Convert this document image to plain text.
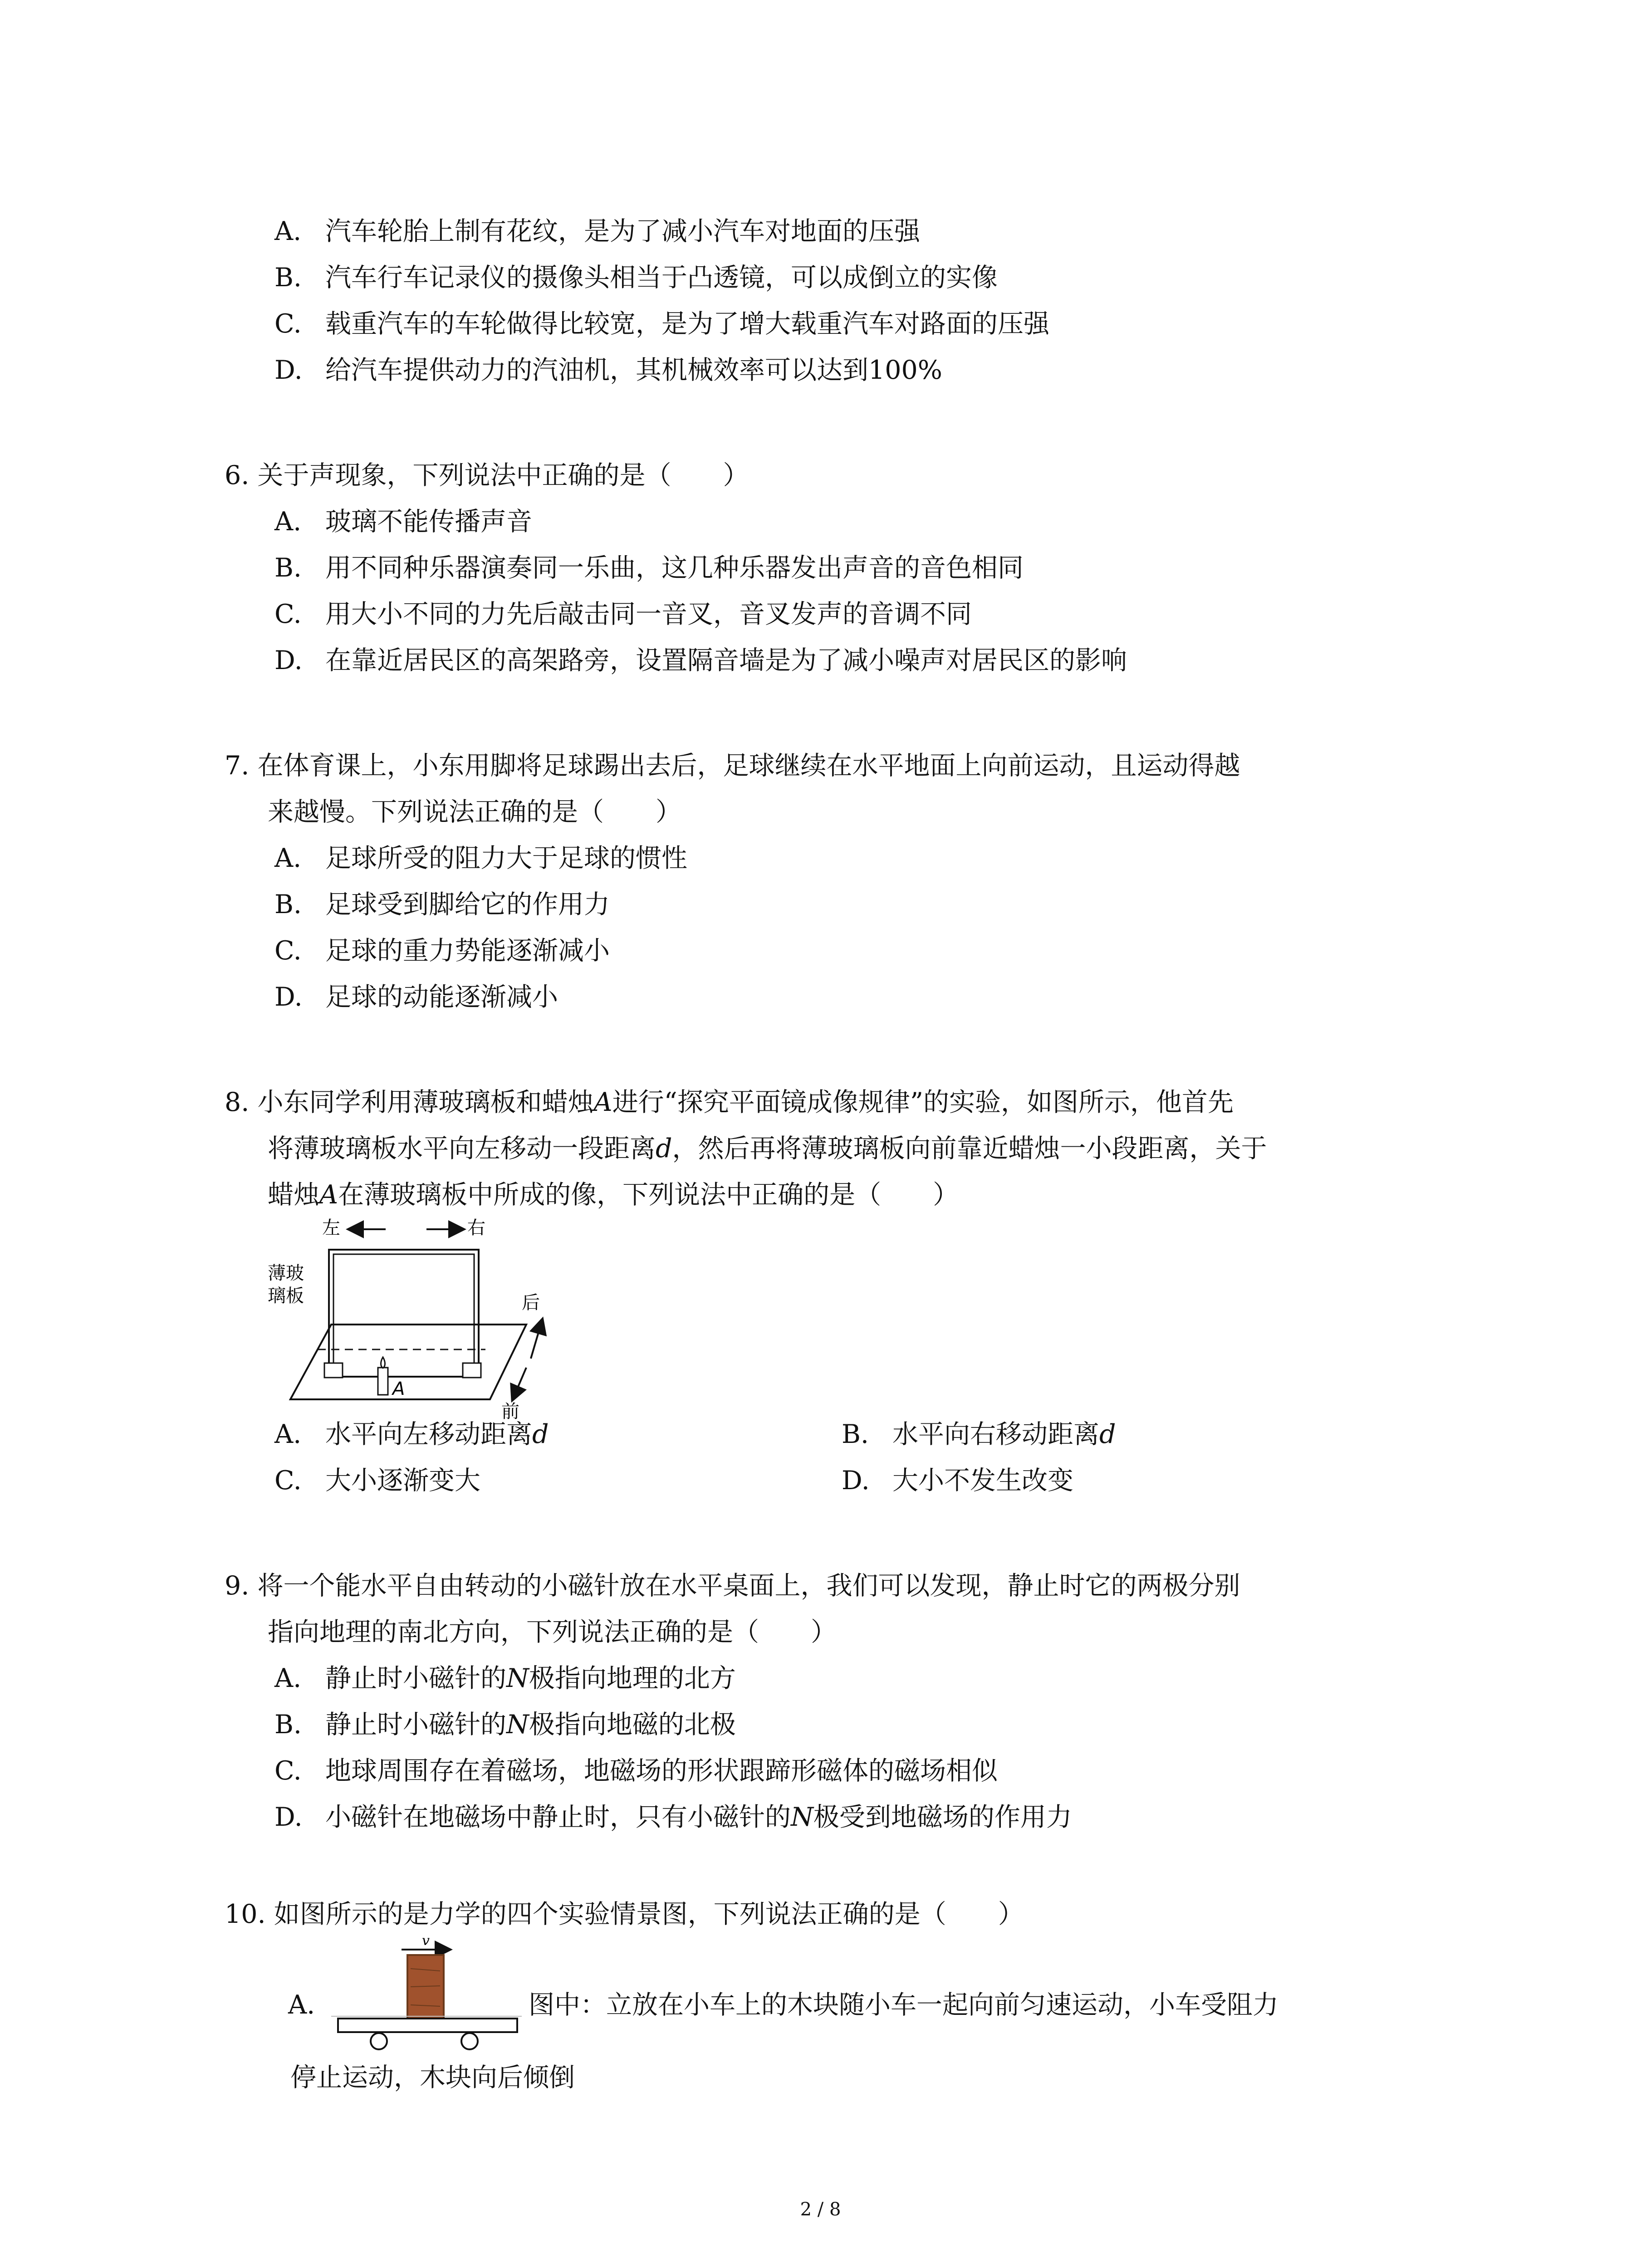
A. 汽车轮胎上制有花纹，是为了减小汽车对地面的压强
B. 汽车行车记录仪的摄像头相当于凸透镜，可以成倒立的实像
C. 载重汽车的车轮做得比较宽，是为了增大载重汽车对路面的压强
D. 给汽车提供动力的汽油机，其机械效率可以达到100%
6. 关于声现象，下列说法中正确的是（　　）
A. 玻璃不能传播声音
B. 用不同种乐器演奏同一乐曲，这几种乐器发出声音的音色相同
C. 用大小不同的力先后敲击同一音叉，音叉发声的音调不同
D. 在靠近居民区的高架路旁，设置隔音墙是为了减小噪声对居民区的影响
7. 在体育课上，小东用脚将足球踢出去后，足球继续在水平地面上向前运动，且运动得越
来越慢。下列说法正确的是（　　）
A. 足球所受的阻力大于足球的惯性
B. 足球受到脚给它的作用力
C. 足球的重力势能逐渐减小
D. 足球的动能逐渐减小
8. 小东同学利用薄玻璃板和蜡烛A进行“探究平面镜成像规律”的实验，如图所示，他首先
将薄玻璃板水平向左移动一段距离d，然后再将薄玻璃板向前靠近蜡烛一小段距离，关于
蜡烛A在薄玻璃板中所成的像，下列说法中正确的是（　　）
左	右
薄玻
璃板
A
后
前
A. 水平向左移动距离d	B. 水平向右移动距离d
C. 大小逐渐变大	D. 大小不发生改变
9. 将一个能水平自由转动的小磁针放在水平桌面上，我们可以发现，静止时它的两极分别
指向地理的南北方向，下列说法正确的是（　　）
A. 静止时小磁针的N极指向地理的北方
B. 静止时小磁针的N极指向地磁的北极
C. 地球周围存在着磁场，地磁场的形状跟蹄形磁体的磁场相似
D. 小磁针在地磁场中静止时，只有小磁针的N极受到地磁场的作用力
10. 如图所示的是力学的四个实验情景图，下列说法正确的是（　　）
A.
v
图中：立放在小车上的木块随小车一起向前匀速运动，小车受阻力
停止运动，木块向后倾倒
2 / 8
